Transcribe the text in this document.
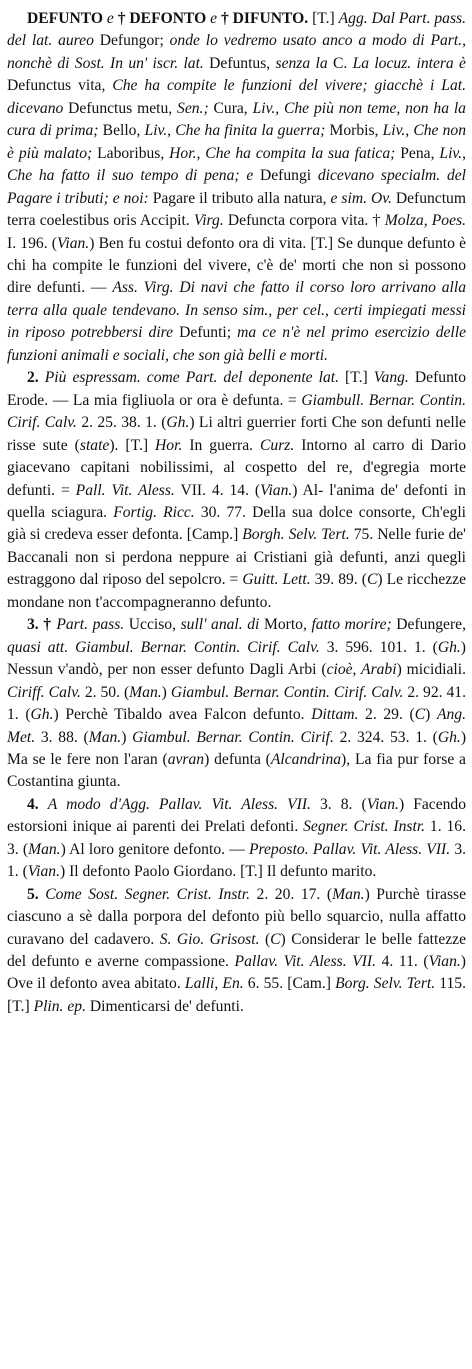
DEFUNTO e † DEFONTO e † DIFUNTO. [T.] Agg. Dal Part. pass. del lat. aureo Defungor; onde lo vedremo usato anco a modo di Part., nonchè di Sost. In un' iscr. lat. Defuntus, senza la C. La locuz. intera è Defunctus vita, Che ha compite le funzioni del vivere; giacchè i Lat. dicevano Defunctus metu, Sen.; Cura, Liv., Che più non teme, non ha la cura di prima; Bello, Liv., Che ha finita la guerra; Morbis, Liv., Che non è più malato; Laboribus, Hor., Che ha compita la sua fatica; Pena, Liv., Che ha fatto il suo tempo di pena; e Defungi dicevano specialm. del Pagare i tributi; e noi: Pagare il tributo alla natura, e sim. Ov. Defunctum terra coelestibus oris Accipit. Virg. Defuncta corpora vita. † Molza, Poes. I. 196. (Vian.) Ben fu costui defonto ora di vita. [T.] Se dunque defunto è chi ha compite le funzioni del vivere, c'è de' morti che non si possono dire defunti. — Ass. Virg. Di navi che fatto il corso loro arrivano alla terra alla quale tendevano. In senso sim., per cel., certi impiegati messi in riposo potrebbersi dire Defunti; ma ce n'è nel primo esercizio delle funzioni animali e sociali, che son già belli e morti.

2. Più espressam. come Part. del deponente lat. [T.] Vang. Defunto Erode. — La mia figliuola or ora è defunta. = Giambull. Bernar. Contin. Cirif. Calv. 2. 25. 38. 1. (Gh.) Li altri guerrier forti Che son defunti nelle risse sute (state). [T.] Hor. In guerra. Curz. Intorno al carro di Dario giacevano capitani nobilissimi, al cospetto del re, d'egregia morte defunti. = Pall. Vit. Aless. VII. 4. 14. (Vian.) Al- l'anima de' defonti in quella sciagura. Fortig. Ricc. 30. 77. Della sua dolce consorte, Ch'egli già si credeva esser defonta. [Camp.] Borgh. Selv. Tert. 75. Nelle furie de' Baccanali non si perdona neppure ai Cristiani già defunti, anzi quegli estraggono dal riposo del sepolcro. = Guitt. Lett. 39. 89. (C) Le ricchezze mondane non t'accompagneranno defunto.

3. † Part. pass. Ucciso, sull' anal. di Morto, fatto morire; Defungere, quasi att. Giambul. Bernar. Contin. Cirif. Calv. 3. 596. 101. 1. (Gh.) Nessun v'andò, per non esser defunto Dagli Arbi (cioè, Arabi) micidiali. Ciriff. Calv. 2. 50. (Man.) Giambul. Bernar. Contin. Cirif. Calv. 2. 92. 41. 1. (Gh.) Perchè Tibaldo avea Falcon defunto. Dittam. 2. 29. (C) Ang. Met. 3. 88. (Man.) Giambul. Bernar. Contin. Cirif. 2. 324. 53. 1. (Gh.) Ma se le fere non l'aran (avran) defunta (Alcandrina), La fia pur forse a Costantina giunta.

4. A modo d'Agg. Pallav. Vit. Aless. VII. 3. 8. (Vian.) Facendo estorsioni inique ai parenti dei Prelati defonti. Segner. Crist. Instr. 1. 16. 3. (Man.) Al loro genitore defonto. — Preposto. Pallav. Vit. Aless. VII. 3. 1. (Vian.) Il defonto Paolo Giordano. [T.] Il defunto marito.

5. Come Sost. Segner. Crist. Instr. 2. 20. 17. (Man.) Purchè tirasse ciascuno a sè dalla porpora del defonto più bello squarcio, nulla affatto curavano del cadavero. S. Gio. Grisost. (C) Considerar le belle fattezze del defunto e averne compassione. Pallav. Vit. Aless. VII. 4. 11. (Vian.) Ove il defonto avea abitato. Lalli, En. 6. 55. [Cam.] Borg. Selv. Tert. 115. [T.] Plin. ep. Dimenticarsi de' defunti.
